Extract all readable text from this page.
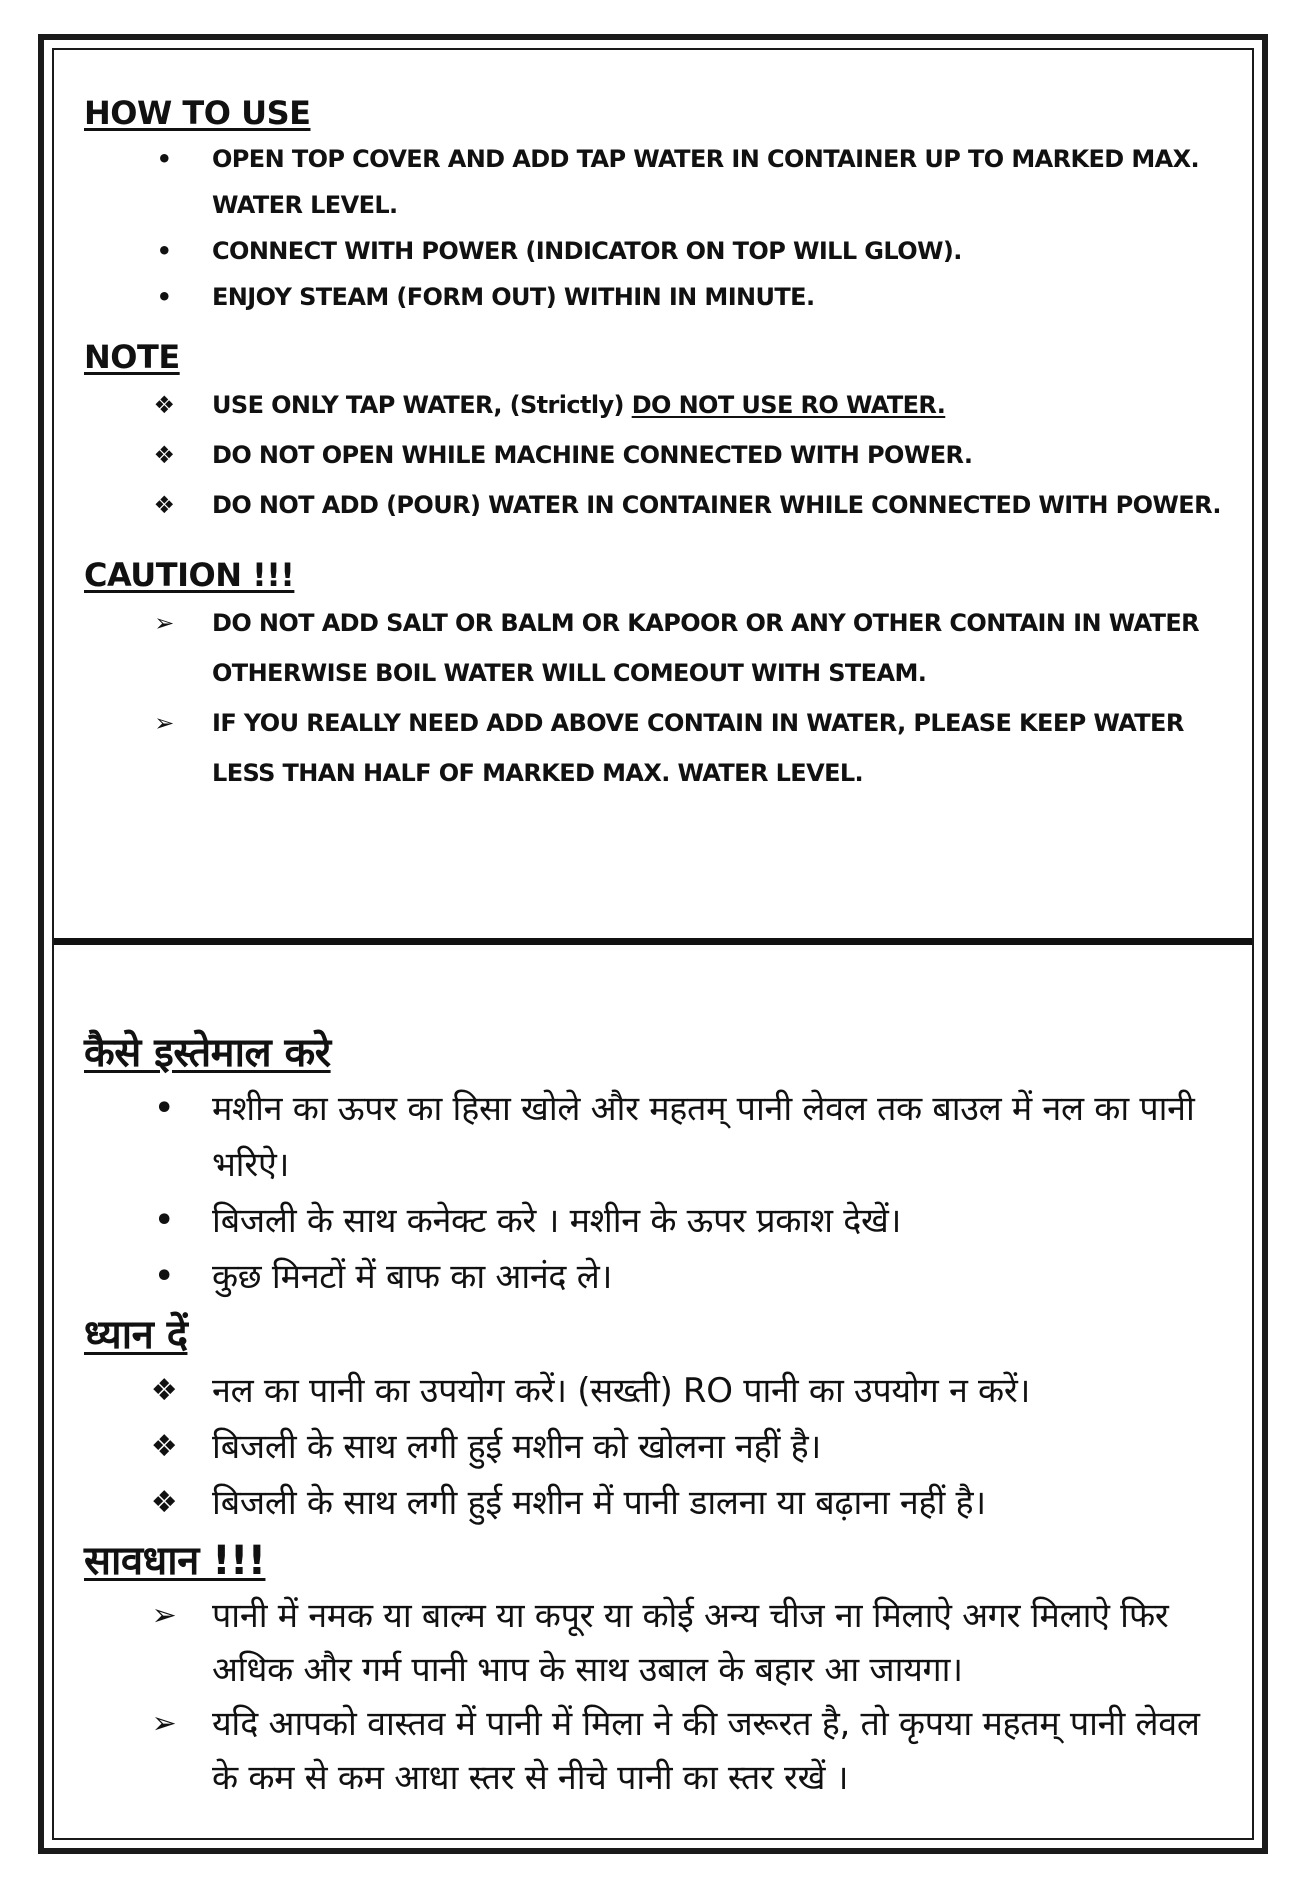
HOW TO USE
•	OPEN TOP COVER AND ADD TAP WATER IN CONTAINER UP TO MARKED MAX. WATER LEVEL.
•	CONNECT WITH POWER (INDICATOR ON TOP WILL GLOW).
•	ENJOY STEAM (FORM OUT) WITHIN IN MINUTE.
NOTE
❖	USE ONLY TAP WATER, (Strictly) DO NOT USE RO WATER.
❖	DO NOT OPEN WHILE MACHINE CONNECTED WITH POWER.
❖	DO NOT ADD (POUR) WATER IN CONTAINER WHILE CONNECTED WITH POWER.
CAUTION !!!
➢	DO NOT ADD SALT OR BALM OR KAPOOR OR ANY OTHER CONTAIN IN WATER OTHERWISE BOIL WATER WILL COMEOUT WITH STEAM.
➢	IF YOU REALLY NEED ADD ABOVE CONTAIN IN WATER, PLEASE KEEP WATER LESS THAN HALF OF MARKED MAX. WATER LEVEL.
कैसे इस्तेमाल करे
• मशीन का ऊपर का हिसा खोले और महतम् पानी लेवल तक बाउल में नल का पानी भरिऐ।
• बिजली के साथ कनेक्ट करे । मशीन के ऊपर प्रकाश देखें।
• कुछ मिनटों में बाफ का आनंद ले।
ध्यान दें
❖ नल का पानी का उपयोग करें। (सख्ती) RO पानी का उपयोग न करें।
❖ बिजली के साथ लगी हुई मशीन को खोलना नहीं है।
❖ बिजली के साथ लगी हुई मशीन में पानी डालना या बढ़ाना नहीं है।
सावधान !!!
➢ पानी में नमक या बाल्म या कपूर या कोई अन्य चीज ना मिलाऐ अगर मिलाऐ फिर अधिक और गर्म पानी भाप के साथ उबाल के बहार आ जायगा।
➢ यदि आपको वास्तव में पानी में मिला ने की जरूरत है, तो कृपया महतम् पानी लेवल के कम से कम आधा स्तर से नीचे पानी का स्तर रखें ।
